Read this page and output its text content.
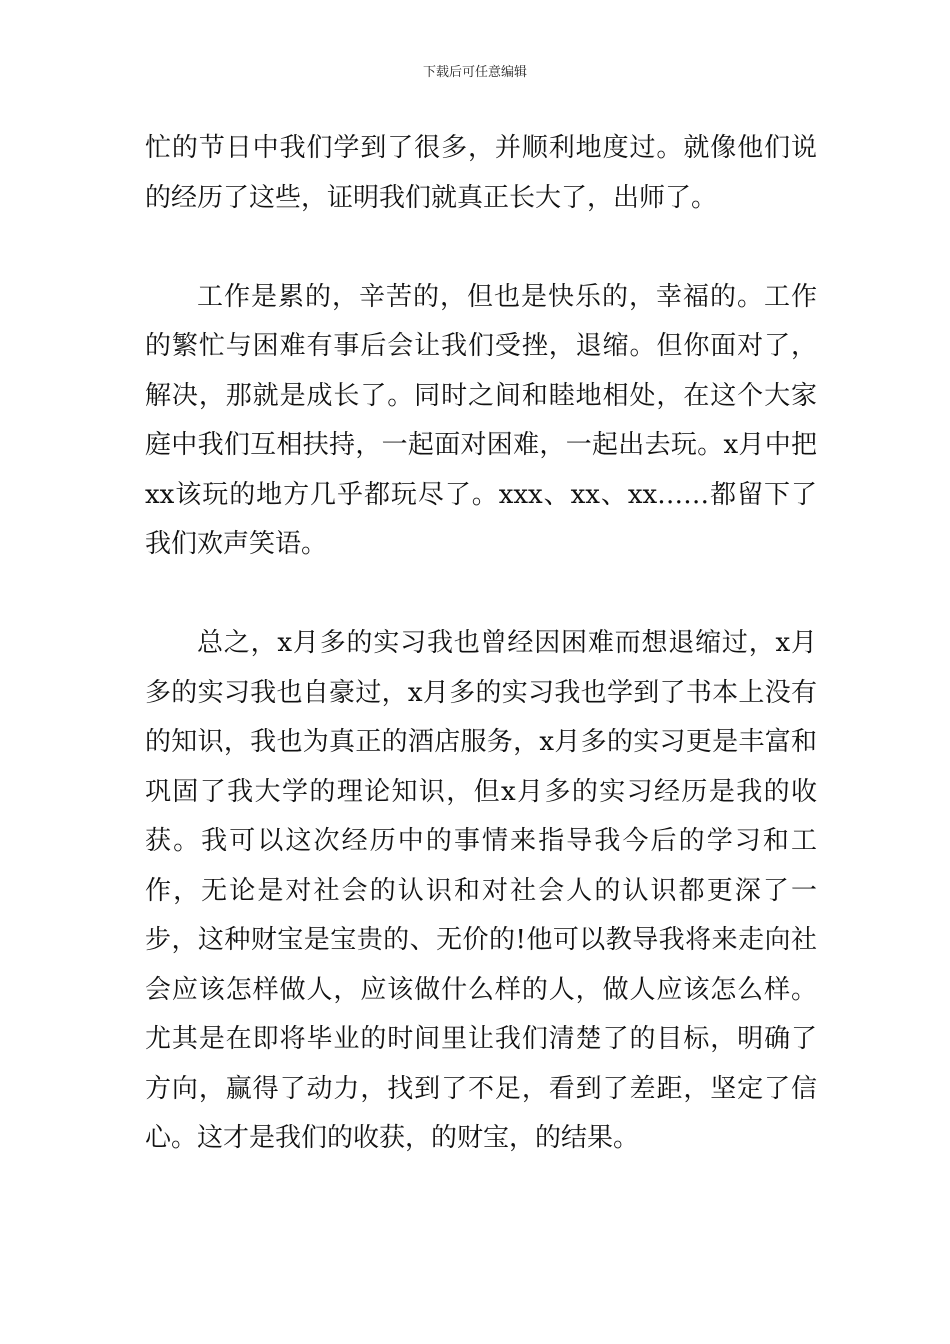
下载后可任意编辑

忙的节日中我们学到了很多，并顺利地度过。就像他们说的经历了这些，证明我们就真正长大了，出师了。

工作是累的，辛苦的，但也是快乐的，幸福的。工作的繁忙与困难有事后会让我们受挫，退缩。但你面对了，解决，那就是成长了。同时之间和睦地相处，在这个大家庭中我们互相扶持，一起面对困难，一起出去玩。x月中把xx该玩的地方几乎都玩尽了。xxx、xx、xx……都留下了我们欢声笑语。

总之，x月多的实习我也曾经因困难而想退缩过，x月多的实习我也自豪过，x月多的实习我也学到了书本上没有的知识，我也为真正的酒店服务，x月多的实习更是丰富和巩固了我大学的理论知识，但x月多的实习经历是我的收获。我可以这次经历中的事情来指导我今后的学习和工作，无论是对社会的认识和对社会人的认识都更深了一步，这种财宝是宝贵的、无价的!他可以教导我将来走向社会应该怎样做人，应该做什么样的人，做人应该怎么样。尤其是在即将毕业的时间里让我们清楚了的目标，明确了方向，赢得了动力，找到了不足，看到了差距，坚定了信心。这才是我们的收获，的财宝，的结果。
